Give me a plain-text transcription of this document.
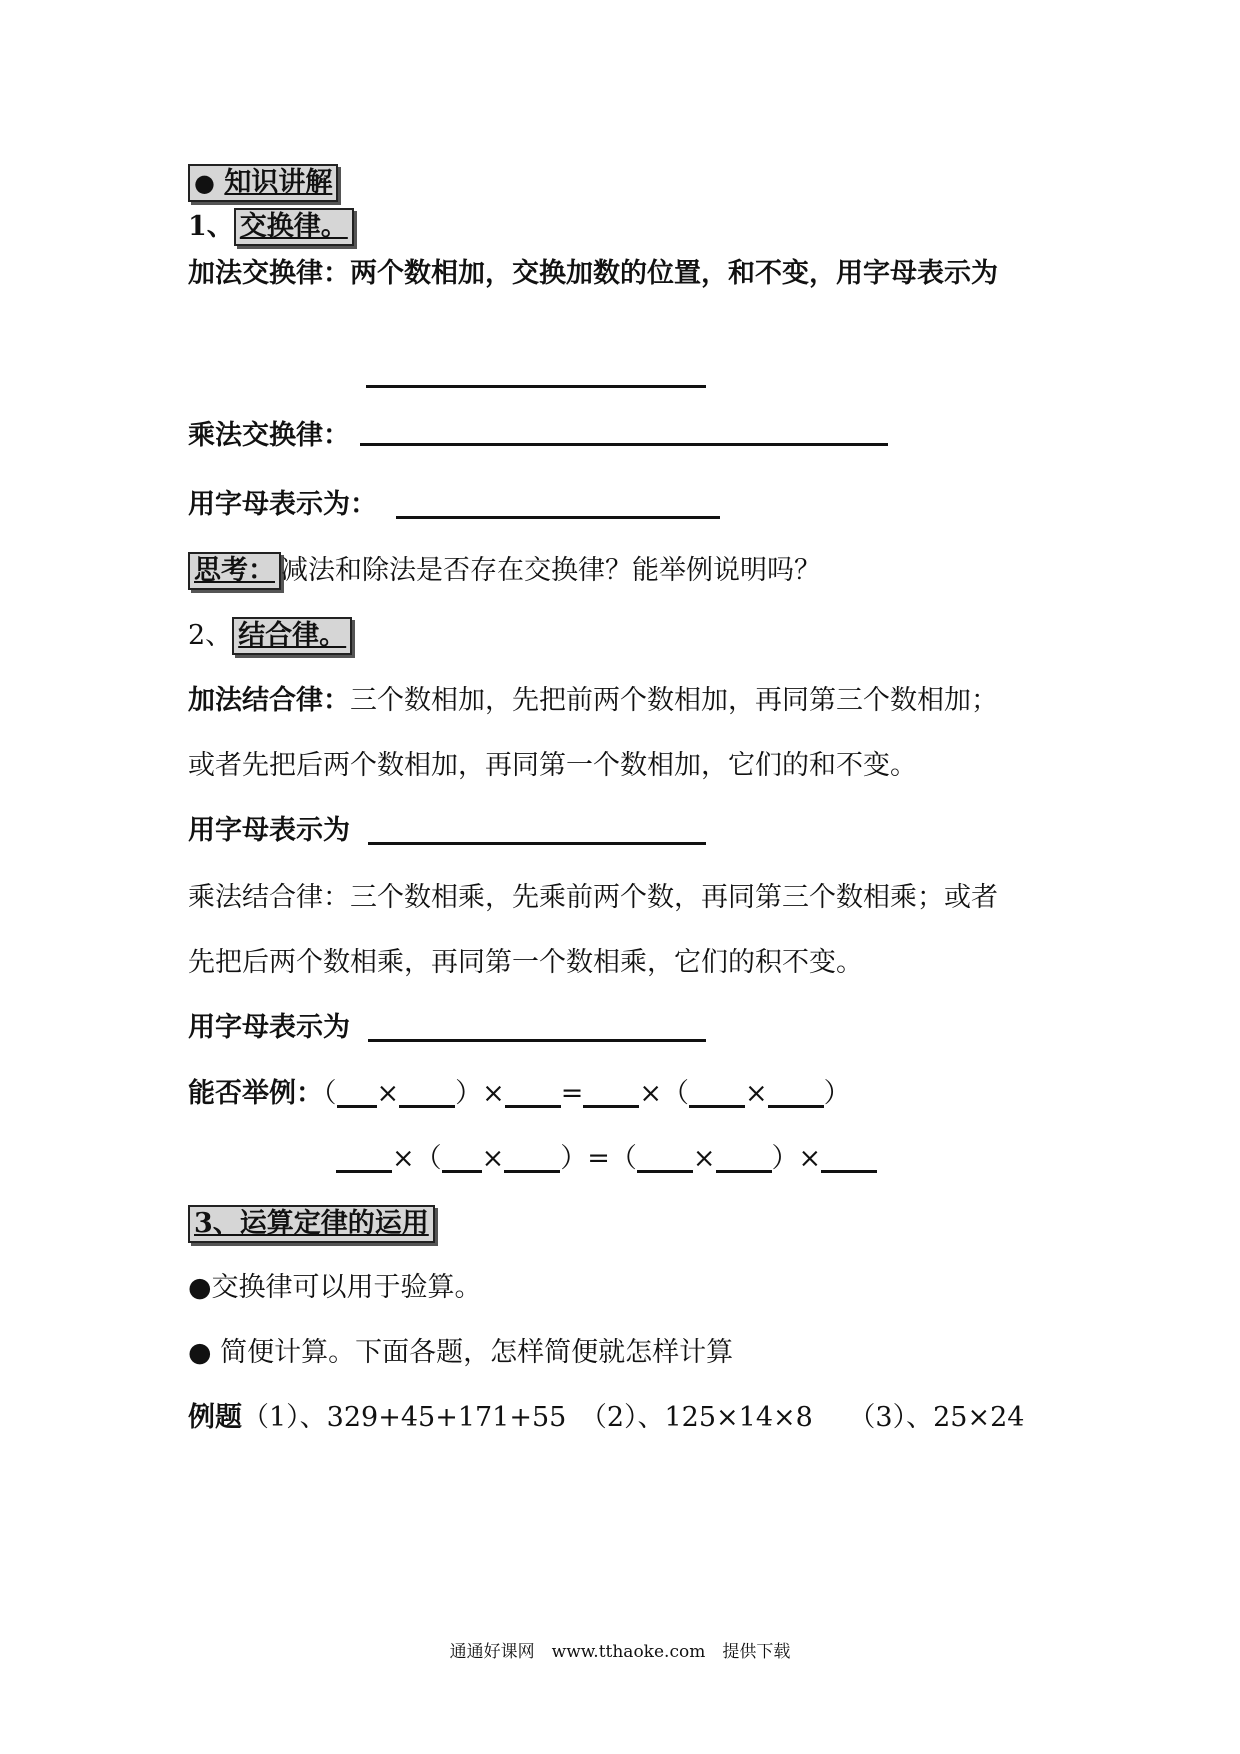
● 知识讲解
1、 交换律。
加法交换律：两个数相加，交换加数的位置，和不变，用字母表示为
乘法交换律：
用字母表示为：
思考： 减法和除法是否存在交换律？能举例说明吗？
2、 结合律。
加法结合律：三个数相加，先把前两个数相加，再同第三个数相加；
或者先把后两个数相加，再同第一个数相加，它们的和不变。
用字母表示为
乘法结合律：三个数相乘，先乘前两个数，再同第三个数相乘；或者
先把后两个数相乘，再同第一个数相乘，它们的积不变。
用字母表示为
能否举例：（ × ）× = ×（ × ）
×（ × ）=（ × ）×
3、运算定律的运用
●交换律可以用于验算。
● 简便计算。下面各题，怎样简便就怎样计算
例题（1）、329+45+171+55　（2）、125×14×8　 （3）、25×24
通通好课网　www.tthaoke.com　提供下载
